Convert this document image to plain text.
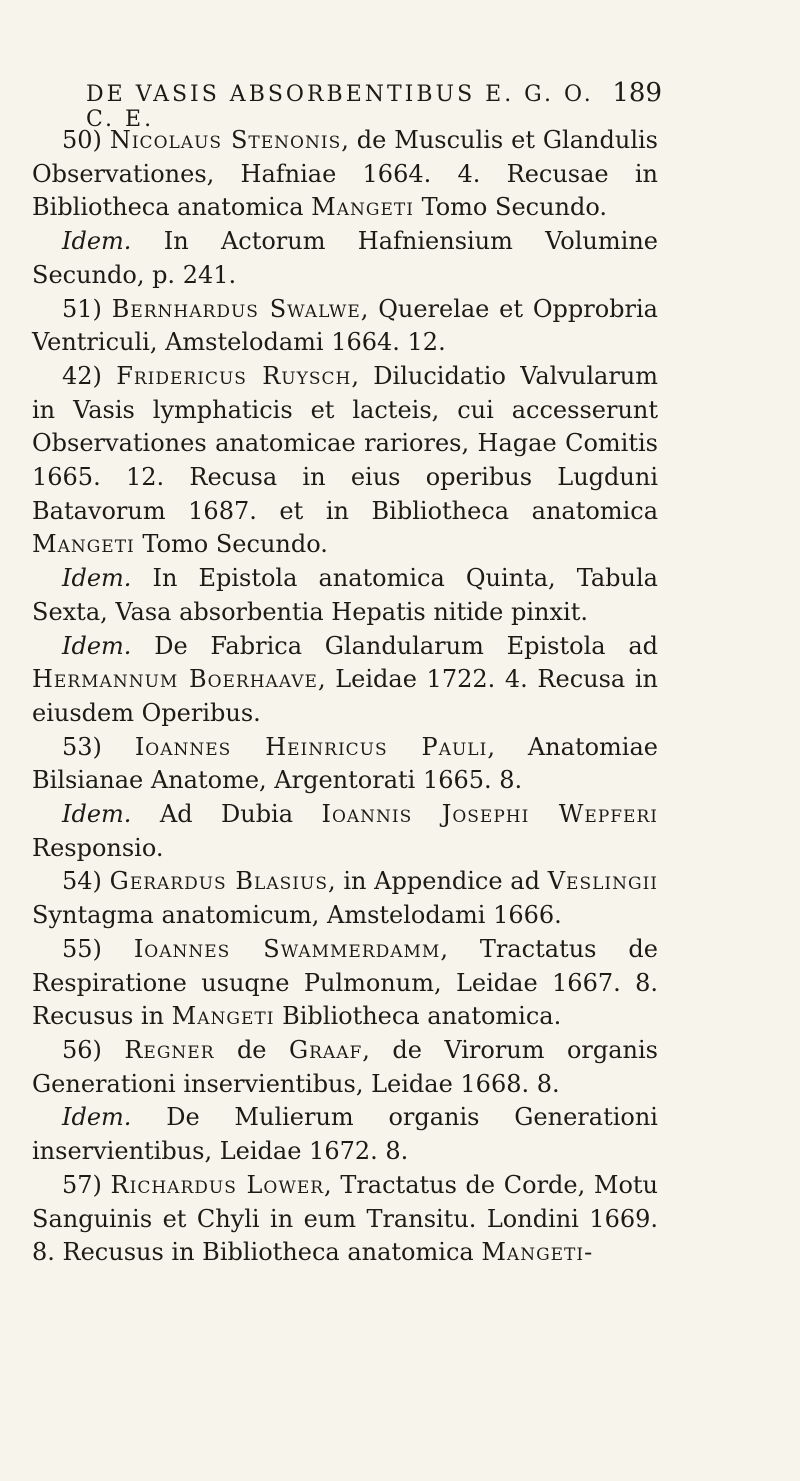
DE VASIS ABSORBENTIBUS E. G. O. C. E.
189

50) Nicolaus Stenonis, de Musculis et Glandulis Observationes, Hafniae 1664. 4. Recusae in Bibliotheca anatomica Mangeti Tomo Secundo.

Idem. In Actorum Hafniensium Volumine Secundo, p. 241.

51) Bernhardus Swalwe, Querelae et Opprobria Ventriculi, Amstelodami 1664. 12.

42) Fridericus Ruysch, Dilucidatio Valvularum in Vasis lymphaticis et lacteis, cui accesserunt Observationes anatomicae rariores, Hagae Comitis 1665. 12. Recusa in eius operibus Lugduni Batavorum 1687. et in Bibliotheca anatomica Mangeti Tomo Secundo.

Idem. In Epistola anatomica Quinta, Tabula Sexta, Vasa absorbentia Hepatis nitide pinxit.

Idem. De Fabrica Glandularum Epistola ad Hermannum Boerhaave, Leidae 1722. 4. Recusa in eiusdem Operibus.

53) Ioannes Heinricus Pauli, Anatomiae Bilsianae Anatome, Argentorati 1665. 8.

Idem. Ad Dubia Ioannis Josephi Wepferi Responsio.

54) Gerardus Blasius, in Appendice ad Veslingii Syntagma anatomicum, Amstelodami 1666.

55) Ioannes Swammerdamm, Tractatus de Respiratione usuqne Pulmonum, Leidae 1667. 8. Recusus in Mangeti Bibliotheca anatomica.

56) Regner de Graaf, de Virorum organis Generationi inservientibus, Leidae 1668. 8.

Idem. De Mulierum organis Generationi inservientibus, Leidae 1672. 8.

57) Richardus Lower, Tractatus de Corde, Motu Sanguinis et Chyli in eum Transitu. Londini 1669. 8. Recusus in Bibliotheca anatomica Mangeti-
